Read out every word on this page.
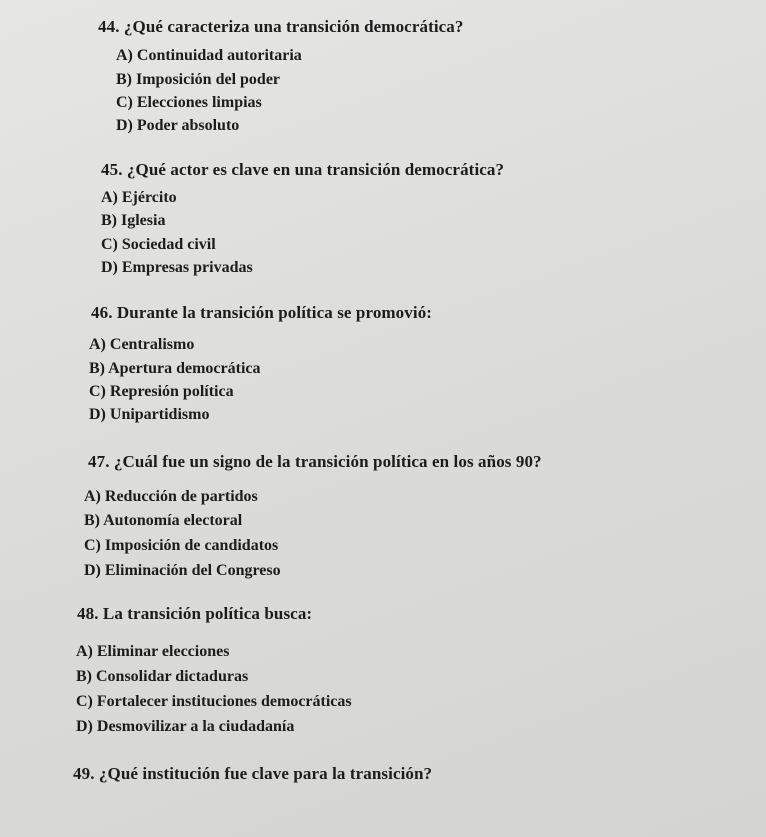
44. ¿Qué caracteriza una transición democrática?
A) Continuidad autoritaria
B) Imposición del poder
C) Elecciones limpias
D) Poder absoluto
45. ¿Qué actor es clave en una transición democrática?
A) Ejército
B) Iglesia
C) Sociedad civil
D) Empresas privadas
46. Durante la transición política se promovió:
A) Centralismo
B) Apertura democrática
C) Represión política
D) Unipartidismo
47. ¿Cuál fue un signo de la transición política en los años 90?
A) Reducción de partidos
B) Autonomía electoral
C) Imposición de candidatos
D) Eliminación del Congreso
48. La transición política busca:
A) Eliminar elecciones
B) Consolidar dictaduras
C) Fortalecer instituciones democráticas
D) Desmovilizar a la ciudadanía
49. ¿Qué institución fue clave para la transición?
